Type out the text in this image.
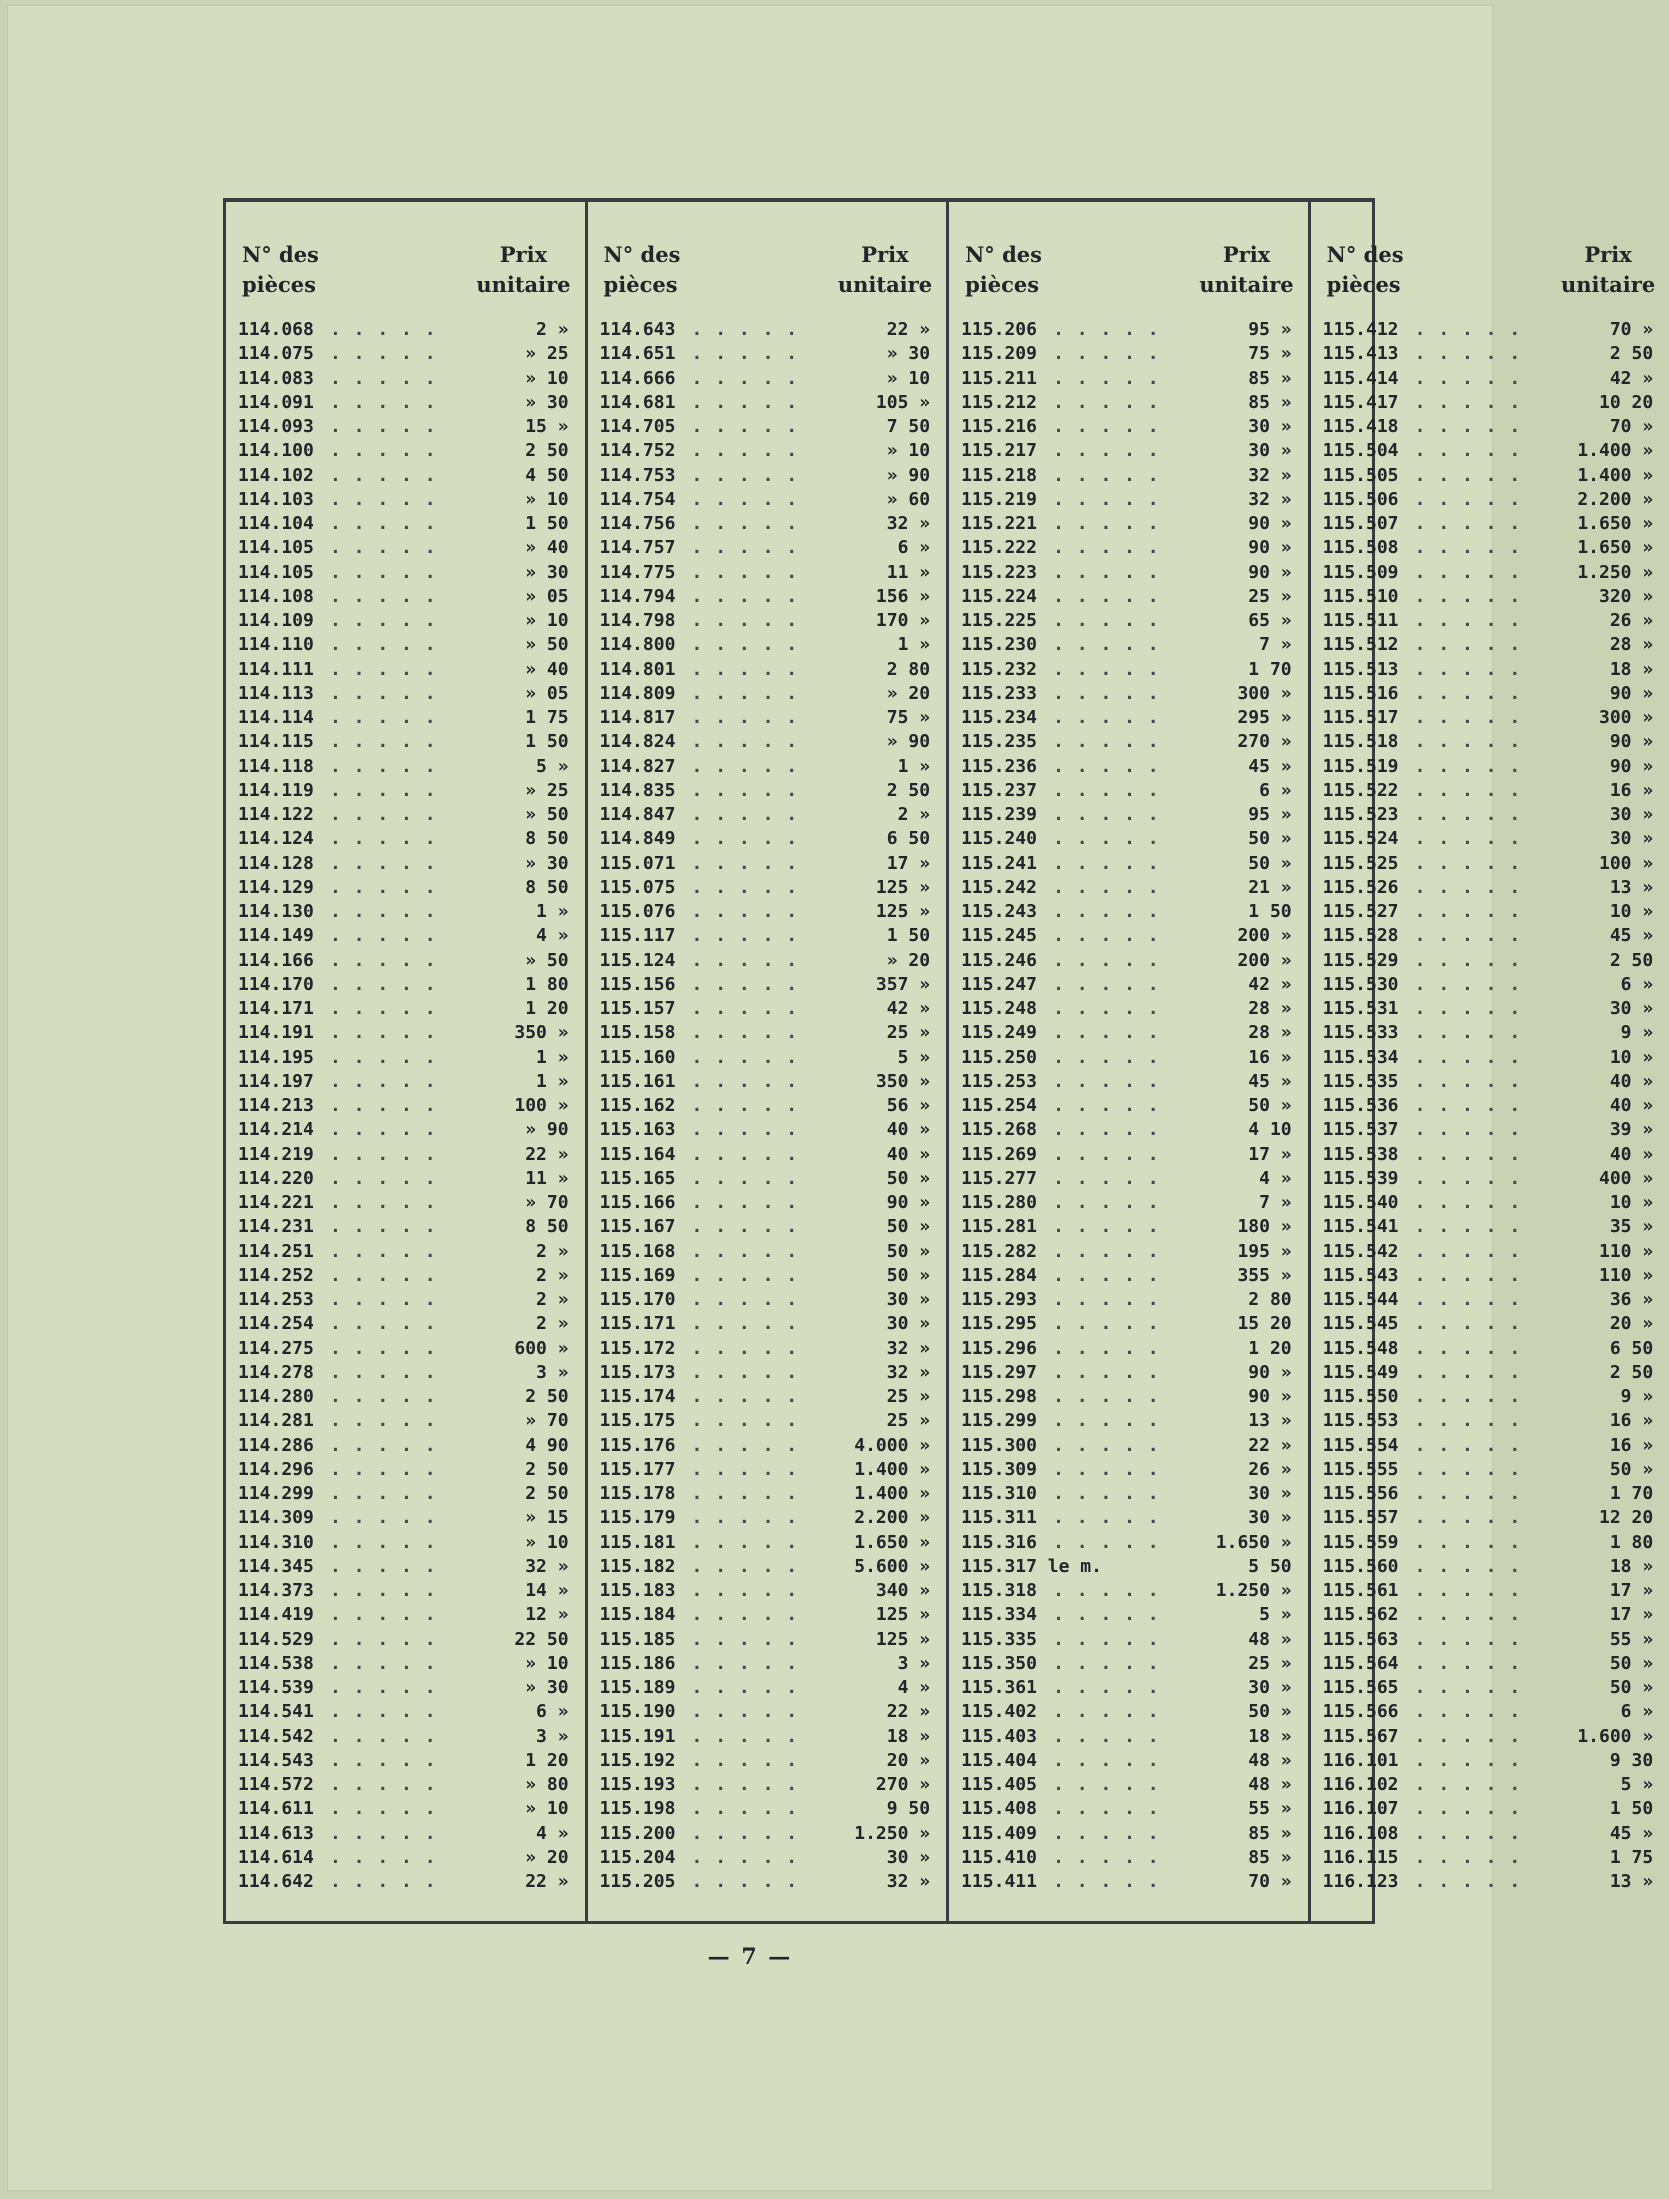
N° des
pièces
Prix
unitaire
114.068 . . . . .	2 »
114.075 . . . . .	» 25
114.083 . . . . .	» 10
114.091 . . . . .	» 30
114.093 . . . . .	15 »
114.100 . . . . .	2 50
114.102 . . . . .	4 50
114.103 . . . . .	» 10
114.104 . . . . .	1 50
114.105 . . . . .	» 40
114.105 . . . . .	» 30
114.108 . . . . .	» 05
114.109 . . . . .	» 10
114.110 . . . . .	» 50
114.111 . . . . .	» 40
114.113 . . . . .	» 05
114.114 . . . . .	1 75
114.115 . . . . .	1 50
114.118 . . . . .	5 »
114.119 . . . . .	» 25
114.122 . . . . .	» 50
114.124 . . . . .	8 50
114.128 . . . . .	» 30
114.129 . . . . .	8 50
114.130 . . . . .	1 »
114.149 . . . . .	4 »
114.166 . . . . .	» 50
114.170 . . . . .	1 80
114.171 . . . . .	1 20
114.191 . . . . .	350 »
114.195 . . . . .	1 »
114.197 . . . . .	1 »
114.213 . . . . .	100 »
114.214 . . . . .	» 90
114.219 . . . . .	22 »
114.220 . . . . .	11 »
114.221 . . . . .	» 70
114.231 . . . . .	8 50
114.251 . . . . .	2 »
114.252 . . . . .	2 »
114.253 . . . . .	2 »
114.254 . . . . .	2 »
114.275 . . . . .	600 »
114.278 . . . . .	3 »
114.280 . . . . .	2 50
114.281 . . . . .	» 70
114.286 . . . . .	4 90
114.296 . . . . .	2 50
114.299 . . . . .	2 50
114.309 . . . . .	» 15
114.310 . . . . .	» 10
114.345 . . . . .	32 »
114.373 . . . . .	14 »
114.419 . . . . .	12 »
114.529 . . . . .	22 50
114.538 . . . . .	» 10
114.539 . . . . .	» 30
114.541 . . . . .	6 »
114.542 . . . . .	3 »
114.543 . . . . .	1 20
114.572 . . . . .	» 80
114.611 . . . . .	» 10
114.613 . . . . .	4 »
114.614 . . . . .	» 20
114.642 . . . . .	22 »
N° des
pièces
Prix
unitaire
114.643 . . . . .	22 »
114.651 . . . . .	» 30
114.666 . . . . .	» 10
114.681 . . . . .	105 »
114.705 . . . . .	7 50
114.752 . . . . .	» 10
114.753 . . . . .	» 90
114.754 . . . . .	» 60
114.756 . . . . .	32 »
114.757 . . . . .	6 »
114.775 . . . . .	11 »
114.794 . . . . .	156 »
114.798 . . . . .	170 »
114.800 . . . . .	1 »
114.801 . . . . .	2 80
114.809 . . . . .	» 20
114.817 . . . . .	75 »
114.824 . . . . .	» 90
114.827 . . . . .	1 »
114.835 . . . . .	2 50
114.847 . . . . .	2 »
114.849 . . . . .	6 50
115.071 . . . . .	17 »
115.075 . . . . .	125 »
115.076 . . . . .	125 »
115.117 . . . . .	1 50
115.124 . . . . .	» 20
115.156 . . . . .	357 »
115.157 . . . . .	42 »
115.158 . . . . .	25 »
115.160 . . . . .	5 »
115.161 . . . . .	350 »
115.162 . . . . .	56 »
115.163 . . . . .	40 »
115.164 . . . . .	40 »
115.165 . . . . .	50 »
115.166 . . . . .	90 »
115.167 . . . . .	50 »
115.168 . . . . .	50 »
115.169 . . . . .	50 »
115.170 . . . . .	30 »
115.171 . . . . .	30 »
115.172 . . . . .	32 »
115.173 . . . . .	32 »
115.174 . . . . .	25 »
115.175 . . . . .	25 »
115.176 . . . . .	4.000 »
115.177 . . . . .	1.400 »
115.178 . . . . .	1.400 »
115.179 . . . . .	2.200 »
115.181 . . . . .	1.650 »
115.182 . . . . .	5.600 »
115.183 . . . . .	340 »
115.184 . . . . .	125 »
115.185 . . . . .	125 »
115.186 . . . . .	3 »
115.189 . . . . .	4 »
115.190 . . . . .	22 »
115.191 . . . . .	18 »
115.192 . . . . .	20 »
115.193 . . . . .	270 »
115.198 . . . . .	9 50
115.200 . . . . .	1.250 »
115.204 . . . . .	30 »
115.205 . . . . .	32 »
N° des
pièces
Prix
unitaire
115.206 . . . . .	95 »
115.209 . . . . .	75 »
115.211 . . . . .	85 »
115.212 . . . . .	85 »
115.216 . . . . .	30 »
115.217 . . . . .	30 »
115.218 . . . . .	32 »
115.219 . . . . .	32 »
115.221 . . . . .	90 »
115.222 . . . . .	90 »
115.223 . . . . .	90 »
115.224 . . . . .	25 »
115.225 . . . . .	65 »
115.230 . . . . .	7 »
115.232 . . . . .	1 70
115.233 . . . . .	300 »
115.234 . . . . .	295 »
115.235 . . . . .	270 »
115.236 . . . . .	45 »
115.237 . . . . .	6 »
115.239 . . . . .	95 »
115.240 . . . . .	50 »
115.241 . . . . .	50 »
115.242 . . . . .	21 »
115.243 . . . . .	1 50
115.245 . . . . .	200 »
115.246 . . . . .	200 »
115.247 . . . . .	42 »
115.248 . . . . .	28 »
115.249 . . . . .	28 »
115.250 . . . . .	16 »
115.253 . . . . .	45 »
115.254 . . . . .	50 »
115.268 . . . . .	4 10
115.269 . . . . .	17 »
115.277 . . . . .	4 »
115.280 . . . . .	7 »
115.281 . . . . .	180 »
115.282 . . . . .	195 »
115.284 . . . . .	355 »
115.293 . . . . .	2 80
115.295 . . . . .	15 20
115.296 . . . . .	1 20
115.297 . . . . .	90 »
115.298 . . . . .	90 »
115.299 . . . . .	13 »
115.300 . . . . .	22 »
115.309 . . . . .	26 »
115.310 . . . . .	30 »
115.311 . . . . .	30 »
115.316 . . . . .	1.650 »
115.317 le m.	5 50
115.318 . . . . .	1.250 »
115.334 . . . . .	5 »
115.335 . . . . .	48 »
115.350 . . . . .	25 »
115.361 . . . . .	30 »
115.402 . . . . .	50 »
115.403 . . . . .	18 »
115.404 . . . . .	48 »
115.405 . . . . .	48 »
115.408 . . . . .	55 »
115.409 . . . . .	85 »
115.410 . . . . .	85 »
115.411 . . . . .	70 »
N° des
pièces
Prix
unitaire
115.412 . . . . .	70 »
115.413 . . . . .	2 50
115.414 . . . . .	42 »
115.417 . . . . .	10 20
115.418 . . . . .	70 »
115.504 . . . . .	1.400 »
115.505 . . . . .	1.400 »
115.506 . . . . .	2.200 »
115.507 . . . . .	1.650 »
115.508 . . . . .	1.650 »
115.509 . . . . .	1.250 »
115.510 . . . . .	320 »
115.511 . . . . .	26 »
115.512 . . . . .	28 »
115.513 . . . . .	18 »
115.516 . . . . .	90 »
115.517 . . . . .	300 »
115.518 . . . . .	90 »
115.519 . . . . .	90 »
115.522 . . . . .	16 »
115.523 . . . . .	30 »
115.524 . . . . .	30 »
115.525 . . . . .	100 »
115.526 . . . . .	13 »
115.527 . . . . .	10 »
115.528 . . . . .	45 »
115.529 . . . . .	2 50
115.530 . . . . .	6 »
115.531 . . . . .	30 »
115.533 . . . . .	9 »
115.534 . . . . .	10 »
115.535 . . . . .	40 »
115.536 . . . . .	40 »
115.537 . . . . .	39 »
115.538 . . . . .	40 »
115.539 . . . . .	400 »
115.540 . . . . .	10 »
115.541 . . . . .	35 »
115.542 . . . . .	110 »
115.543 . . . . .	110 »
115.544 . . . . .	36 »
115.545 . . . . .	20 »
115.548 . . . . .	6 50
115.549 . . . . .	2 50
115.550 . . . . .	9 »
115.553 . . . . .	16 »
115.554 . . . . .	16 »
115.555 . . . . .	50 »
115.556 . . . . .	1 70
115.557 . . . . .	12 20
115.559 . . . . .	1 80
115.560 . . . . .	18 »
115.561 . . . . .	17 »
115.562 . . . . .	17 »
115.563 . . . . .	55 »
115.564 . . . . .	50 »
115.565 . . . . .	50 »
115.566 . . . . .	6 »
115.567 . . . . .	1.600 »
116.101 . . . . .	9 30
116.102 . . . . .	5 »
116.107 . . . . .	1 50
116.108 . . . . .	45 »
116.115 . . . . .	1 75
116.123 . . . . .	13 »
— 7 —
